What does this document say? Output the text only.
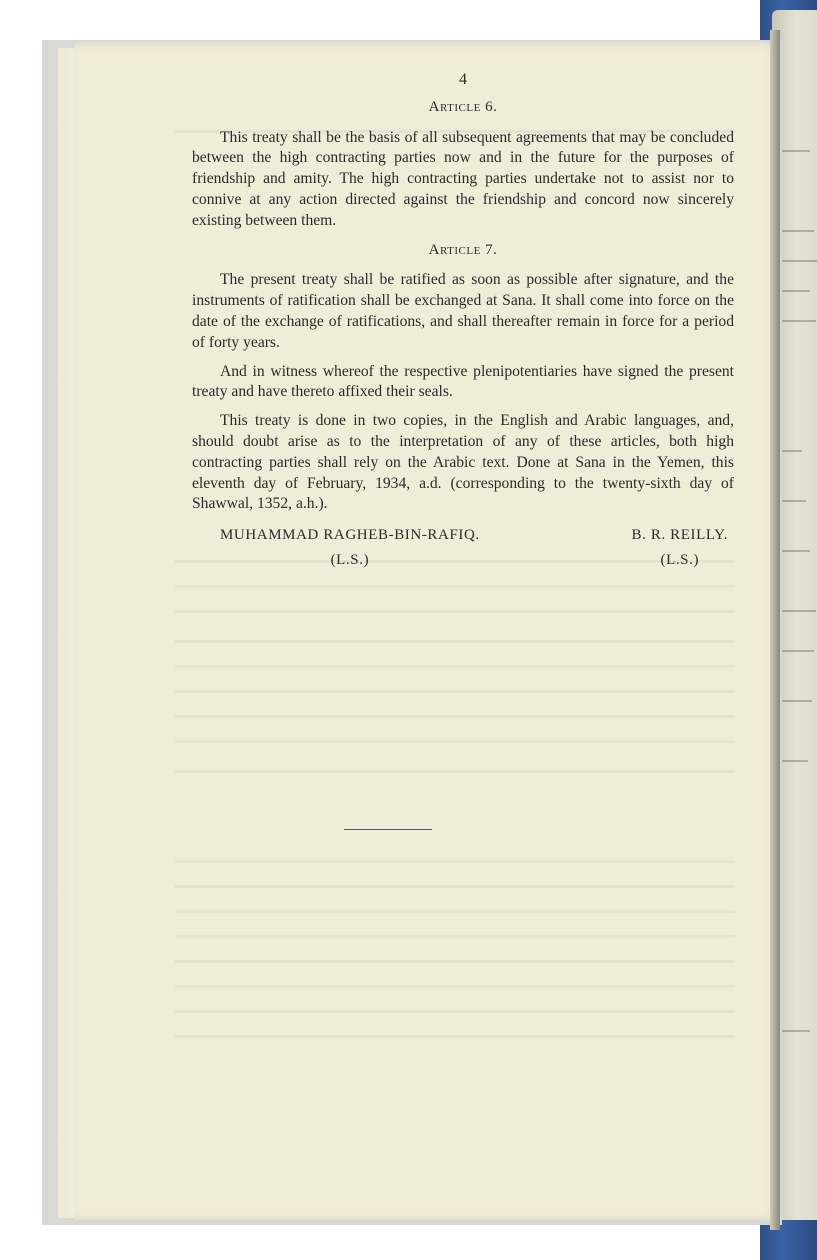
4
Article 6.

This treaty shall be the basis of all subsequent agreements that may be concluded between the high contracting parties now and in the future for the purposes of friendship and amity. The high contracting parties undertake not to assist nor to connive at any action directed against the friendship and concord now sincerely existing between them.

Article 7.

The present treaty shall be ratified as soon as possible after signature, and the instruments of ratification shall be exchanged at Sana. It shall come into force on the date of the exchange of ratifications, and shall thereafter remain in force for a period of forty years.

And in witness whereof the respective plenipotentiaries have signed the present treaty and have thereto affixed their seals.

This treaty is done in two copies, in the English and Arabic languages, and, should doubt arise as to the interpretation of any of these articles, both high contracting parties shall rely on the Arabic text. Done at Sana in the Yemen, this eleventh day of February, 1934, a.d. (corresponding to the twenty-sixth day of Shawwal, 1352, a.h.).

MUHAMMAD RAGHEB-BIN-RAFIQ.
(L.S.)
B. R. REILLY.
(L.S.)
